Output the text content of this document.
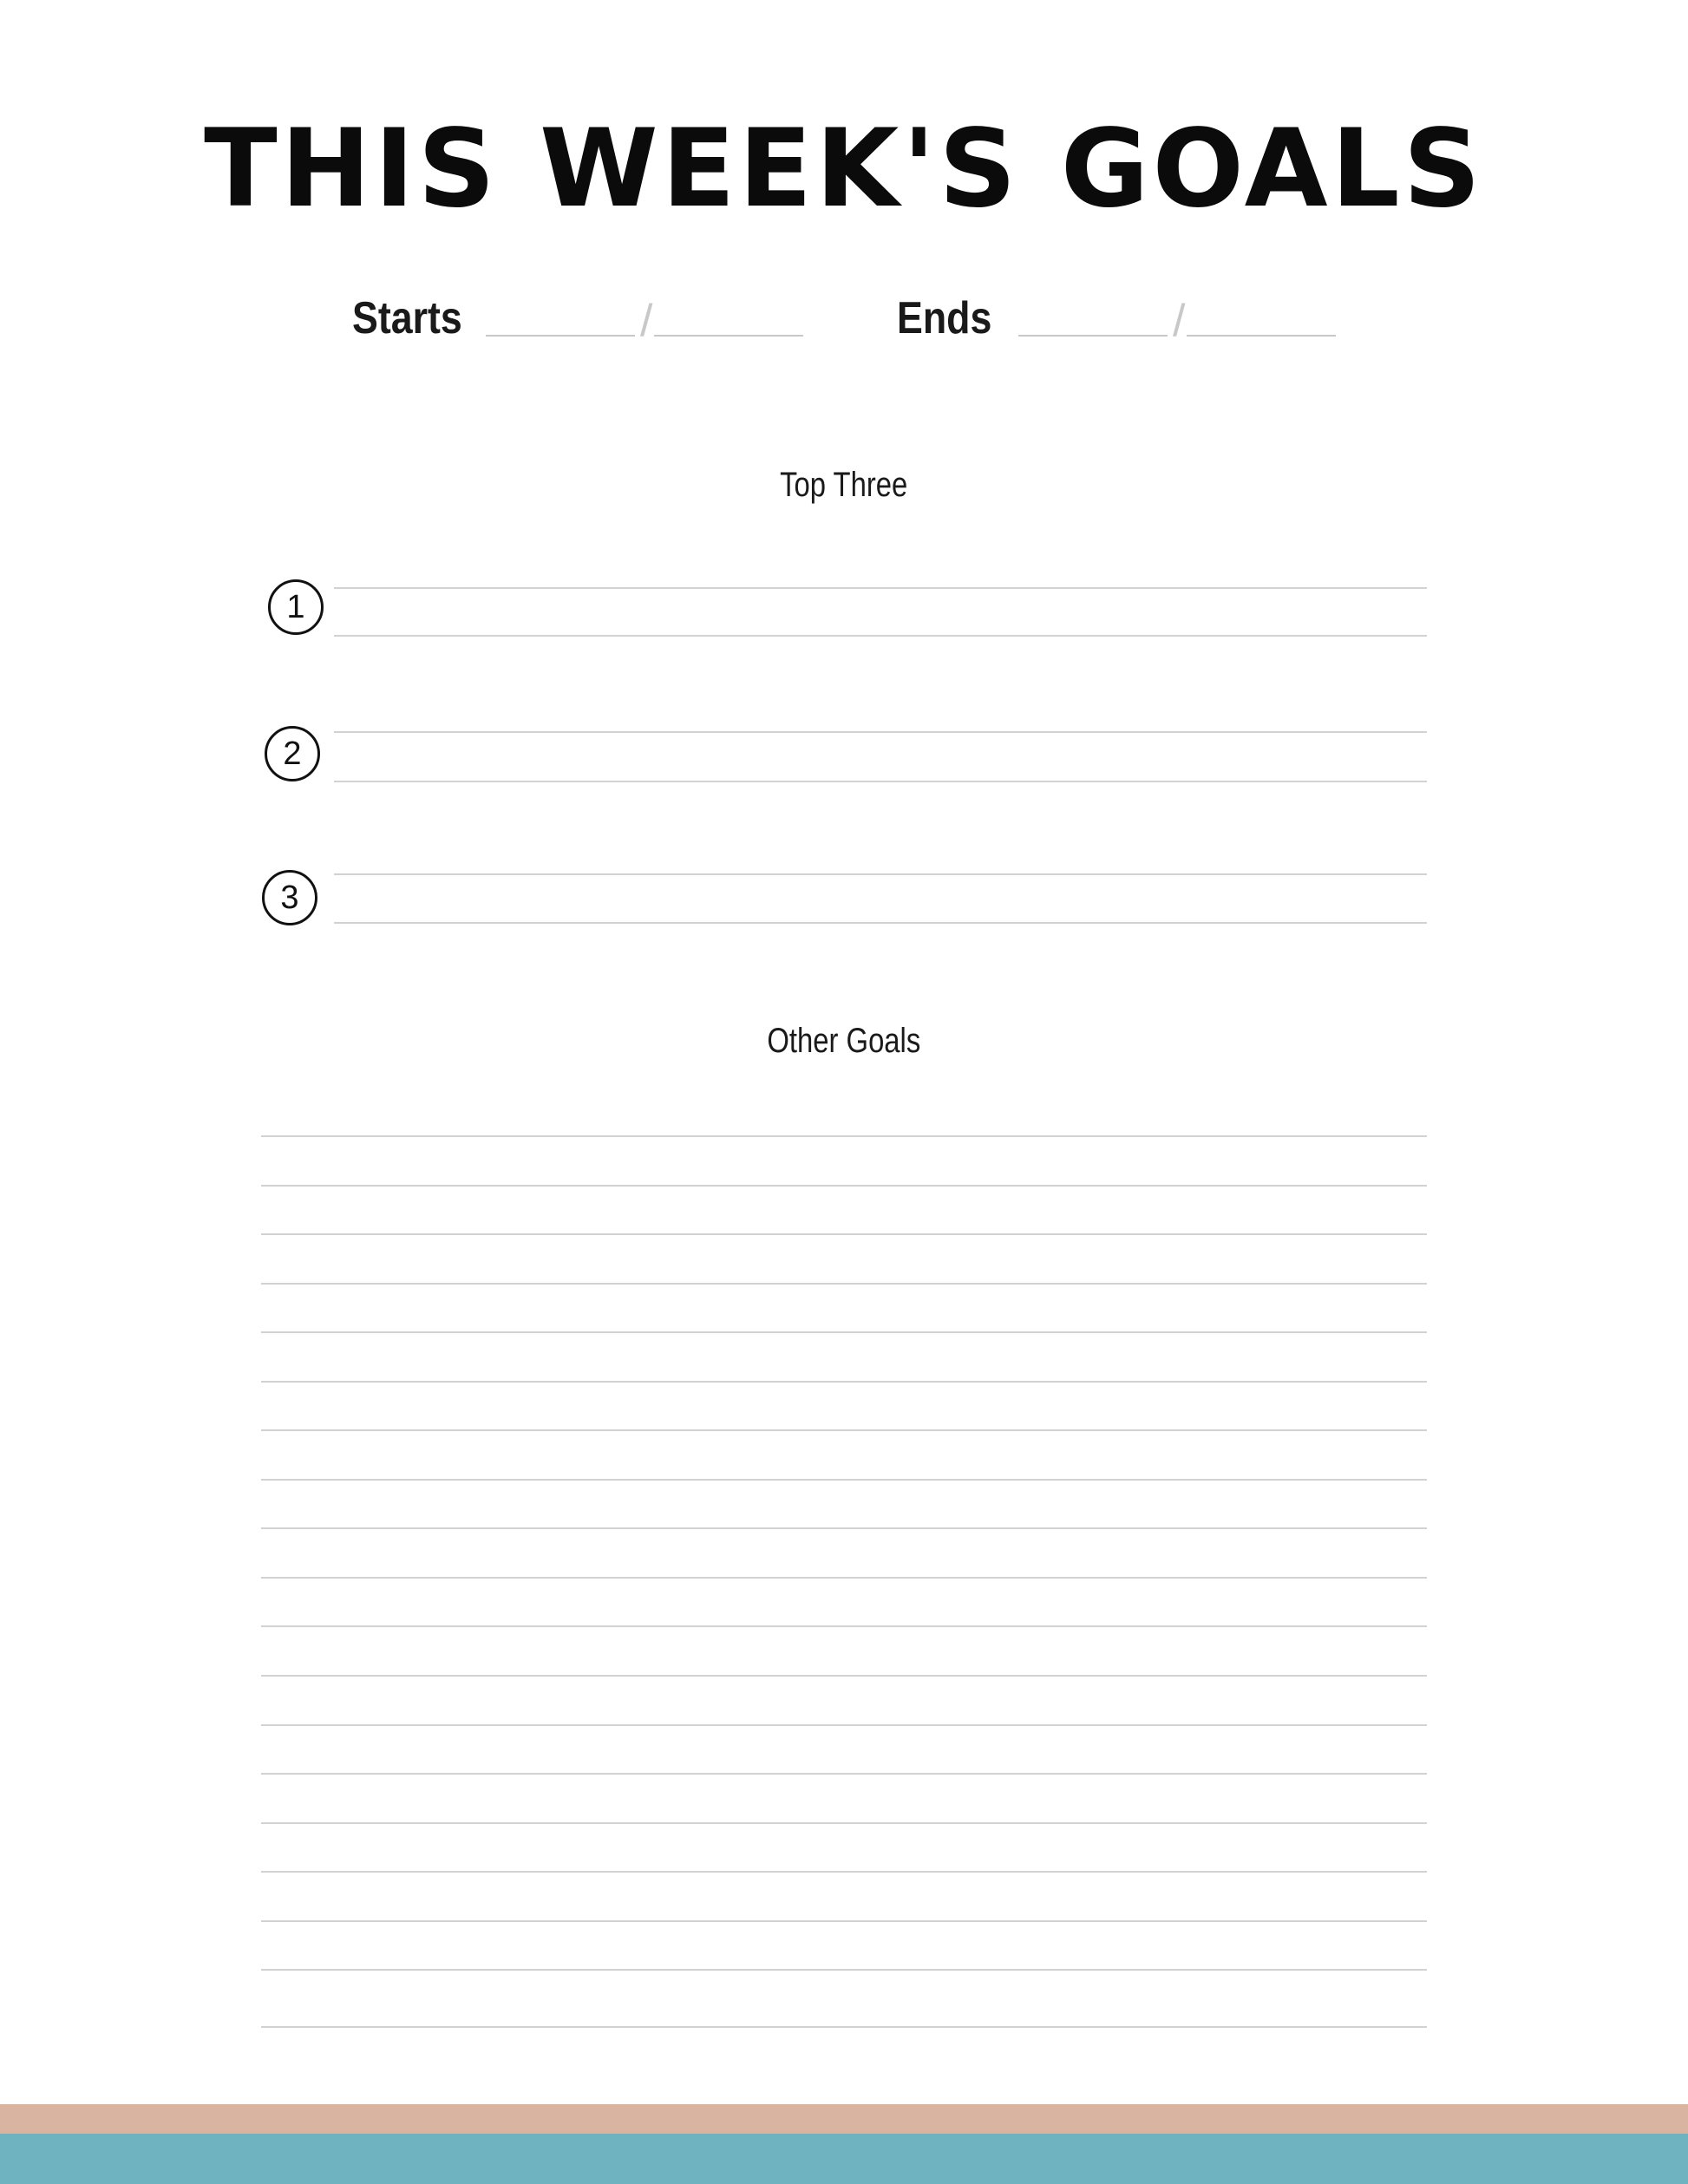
THIS WEEK'S GOALS
Starts	/	Ends	/
Top Three
1
2
3
Other Goals
